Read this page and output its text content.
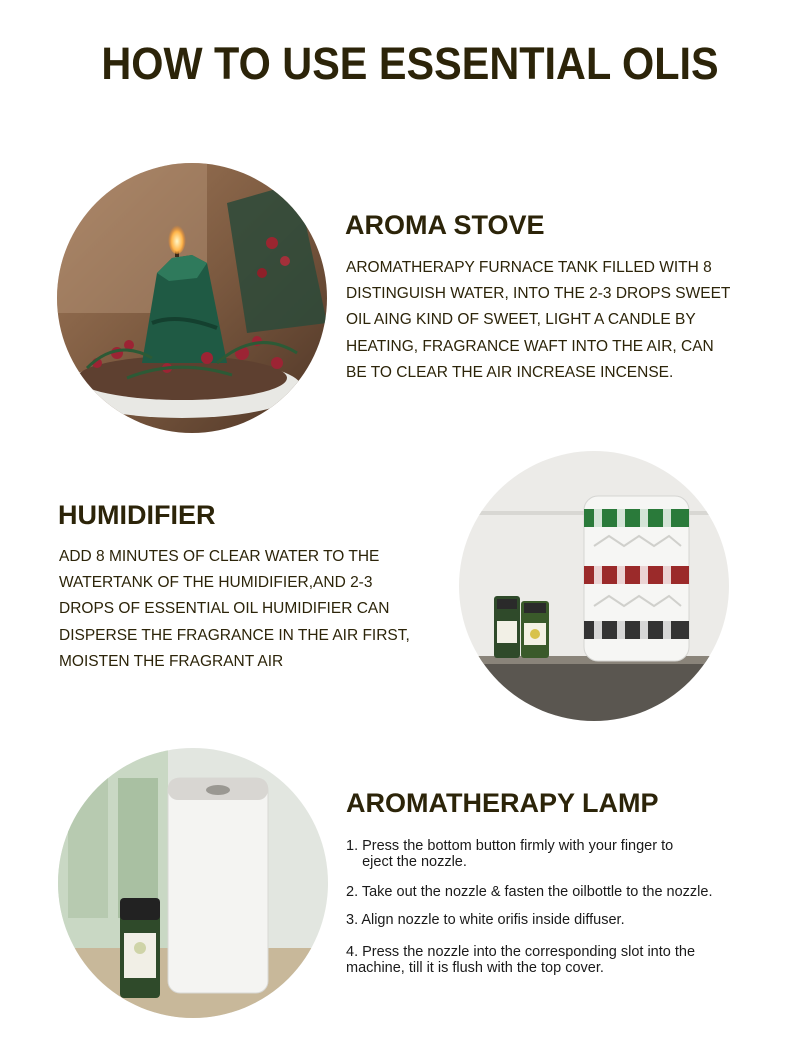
HOW TO USE ESSENTIAL OLIS
AROMA STOVE
AROMATHERAPY FURNACE TANK FILLED WITH 8
DISTINGUISH WATER, INTO THE 2-3 DROPS SWEET
OIL AING KIND OF SWEET, LIGHT A CANDLE BY
HEATING, FRAGRANCE WAFT INTO THE AIR, CAN
BE TO CLEAR THE AIR INCREASE INCENSE.
HUMIDIFIER
ADD 8 MINUTES OF CLEAR WATER TO THE
WATERTANK OF THE HUMIDIFIER,AND 2-3
DROPS OF ESSENTIAL OIL HUMIDIFIER CAN
DISPERSE THE FRAGRANCE IN THE AIR FIRST,
MOISTEN THE FRAGRANT AIR
AROMATHERAPY LAMP
1. Press the bottom button firmly with your finger to
eject the nozzle.
2. Take out the nozzle & fasten the oilbottle to the nozzle.
3. Align nozzle to white orifis inside diffuser.
4. Press the nozzle into the corresponding slot into the
machine, till it is flush with the top cover.
